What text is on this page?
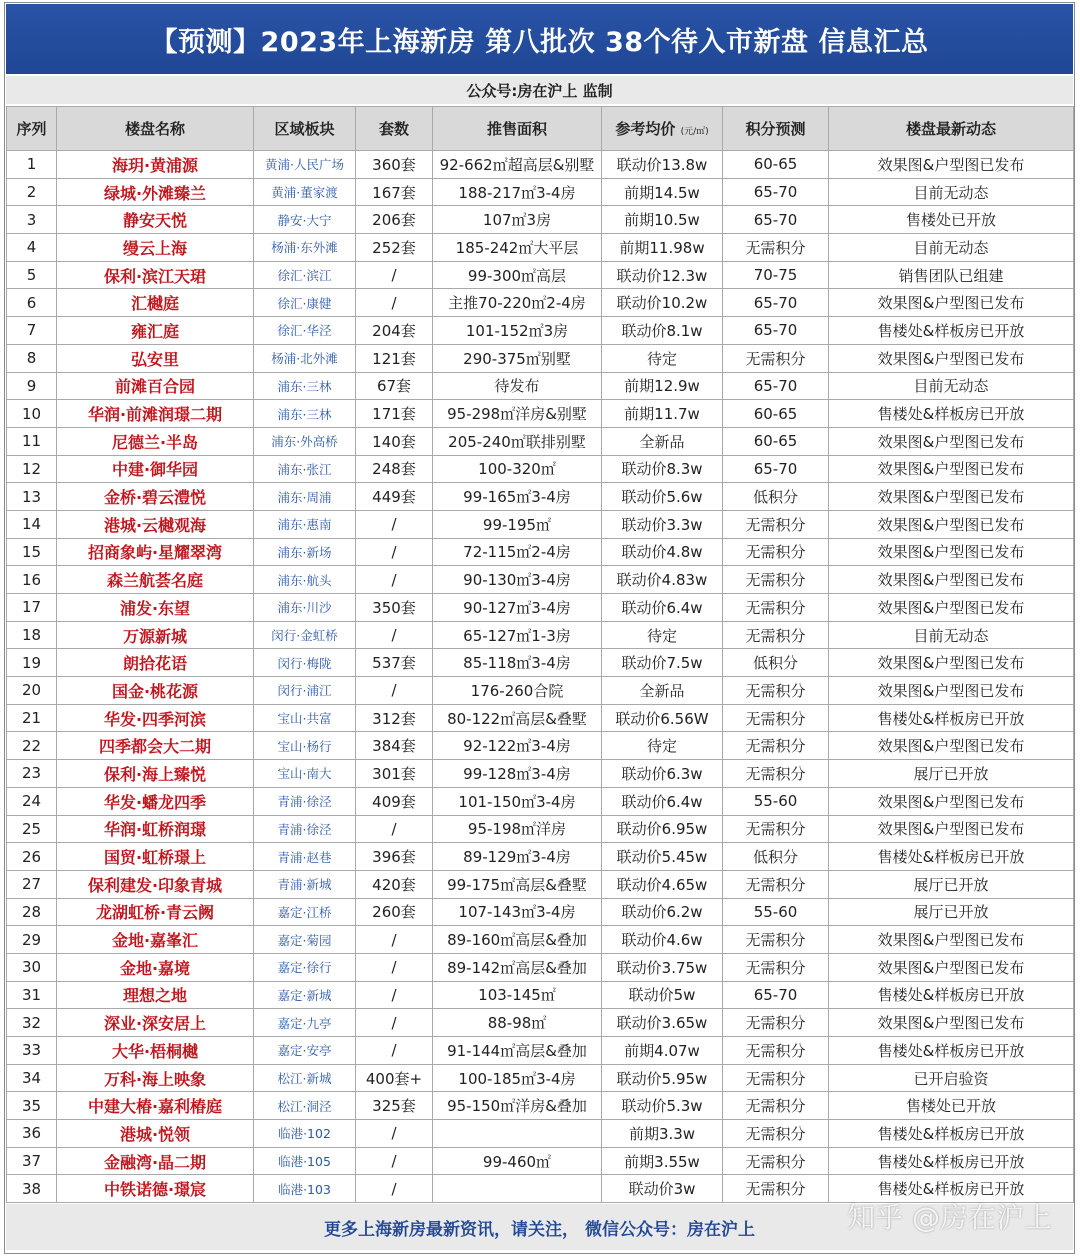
【预测】2023年上海新房 第八批次 38个待入市新盘 信息汇总
公众号:房在沪上 监制
序列	楼盘名称	区域板块	套数	推售面积	参考均价 (元/㎡)	积分预测	楼盘最新动态
1	海玥·黄浦源	黄浦·人民广场	360套	92-662㎡超高层&别墅	联动价13.8w	60-65	效果图&户型图已发布
2	绿城·外滩臻兰	黄浦·董家渡	167套	188-217㎡3-4房	前期14.5w	65-70	目前无动态
3	静安天悦	静安·大宁	206套	107㎡3房	前期10.5w	65-70	售楼处已开放
4	缦云上海	杨浦·东外滩	252套	185-242㎡大平层	前期11.98w	无需积分	目前无动态
5	保利·滨江天珺	徐汇·滨江	/	99-300㎡高层	联动价12.3w	70-75	销售团队已组建
6	汇樾庭	徐汇·康健	/	主推70-220㎡2-4房	联动价10.2w	65-70	效果图&户型图已发布
7	雍汇庭	徐汇·华泾	204套	101-152㎡3房	联动价8.1w	65-70	售楼处&样板房已开放
8	弘安里	杨浦·北外滩	121套	290-375㎡别墅	待定	无需积分	效果图&户型图已发布
9	前滩百合园	浦东·三林	67套	待发布	前期12.9w	65-70	目前无动态
10	华润·前滩润璟二期	浦东·三林	171套	95-298㎡洋房&别墅	前期11.7w	60-65	售楼处&样板房已开放
11	尼德兰·半岛	浦东·外高桥	140套	205-240㎡联排别墅	全新品	60-65	效果图&户型图已发布
12	中建·御华园	浦东·张江	248套	100-320㎡	联动价8.3w	65-70	效果图&户型图已发布
13	金桥·碧云澧悦	浦东·周浦	449套	99-165㎡3-4房	联动价5.6w	低积分	效果图&户型图已发布
14	港城·云樾观海	浦东·惠南	/	99-195㎡	联动价3.3w	无需积分	效果图&户型图已发布
15	招商象屿·星耀翠湾	浦东·新场	/	72-115㎡2-4房	联动价4.8w	无需积分	效果图&户型图已发布
16	森兰航荟名庭	浦东·航头	/	90-130㎡3-4房	联动价4.83w	无需积分	效果图&户型图已发布
17	浦发·东望	浦东·川沙	350套	90-127㎡3-4房	联动价6.4w	无需积分	效果图&户型图已发布
18	万源新城	闵行·金虹桥	/	65-127㎡1-3房	待定	无需积分	目前无动态
19	朗拾花语	闵行·梅陇	537套	85-118㎡3-4房	联动价7.5w	低积分	效果图&户型图已发布
20	国金·桃花源	闵行·浦江	/	176-260合院	全新品	无需积分	效果图&户型图已发布
21	华发·四季河滨	宝山·共富	312套	80-122㎡高层&叠墅	联动价6.56W	无需积分	售楼处&样板房已开放
22	四季都会大二期	宝山·杨行	384套	92-122㎡3-4房	待定	无需积分	效果图&户型图已发布
23	保利·海上臻悦	宝山·南大	301套	99-128㎡3-4房	联动价6.3w	无需积分	展厅已开放
24	华发·蟠龙四季	青浦·徐泾	409套	101-150㎡3-4房	联动价6.4w	55-60	效果图&户型图已发布
25	华润·虹桥润璟	青浦·徐泾	/	95-198㎡洋房	联动价6.95w	无需积分	效果图&户型图已发布
26	国贸·虹桥璟上	青浦·赵巷	396套	89-129㎡3-4房	联动价5.45w	低积分	售楼处&样板房已开放
27	保利建发·印象青城	青浦·新城	420套	99-175㎡高层&叠墅	联动价4.65w	无需积分	展厅已开放
28	龙湖虹桥·青云阙	嘉定·江桥	260套	107-143㎡3-4房	联动价6.2w	55-60	展厅已开放
29	金地·嘉峯汇	嘉定·菊园	/	89-160㎡高层&叠加	联动价4.6w	无需积分	效果图&户型图已发布
30	金地·嘉境	嘉定·徐行	/	89-142㎡高层&叠加	联动价3.75w	无需积分	效果图&户型图已发布
31	理想之地	嘉定·新城	/	103-145㎡	联动价5w	65-70	售楼处&样板房已开放
32	深业·深安居上	嘉定·九亭	/	88-98㎡	联动价3.65w	无需积分	效果图&户型图已发布
33	大华·梧桐樾	嘉定·安亭	/	91-144㎡高层&叠加	前期4.07w	无需积分	售楼处&样板房已开放
34	万科·海上映象	松江·新城	400套+	100-185㎡3-4房	联动价5.95w	无需积分	已开启验资
35	中建大椿·嘉利椿庭	松江·洞泾	325套	95-150㎡洋房&叠加	联动价5.3w	无需积分	售楼处已开放
36	港城·悦领	临港·102	/		前期3.3w	无需积分	售楼处&样板房已开放
37	金融湾·晶二期	临港·105	/	99-460㎡	前期3.55w	无需积分	售楼处&样板房已开放
38	中铁诺德·璟宸	临港·103	/		联动价3w	无需积分	售楼处&样板房已开放
更多上海新房最新资讯，请关注， 微信公众号：房在沪上	知乎 @房在沪上
